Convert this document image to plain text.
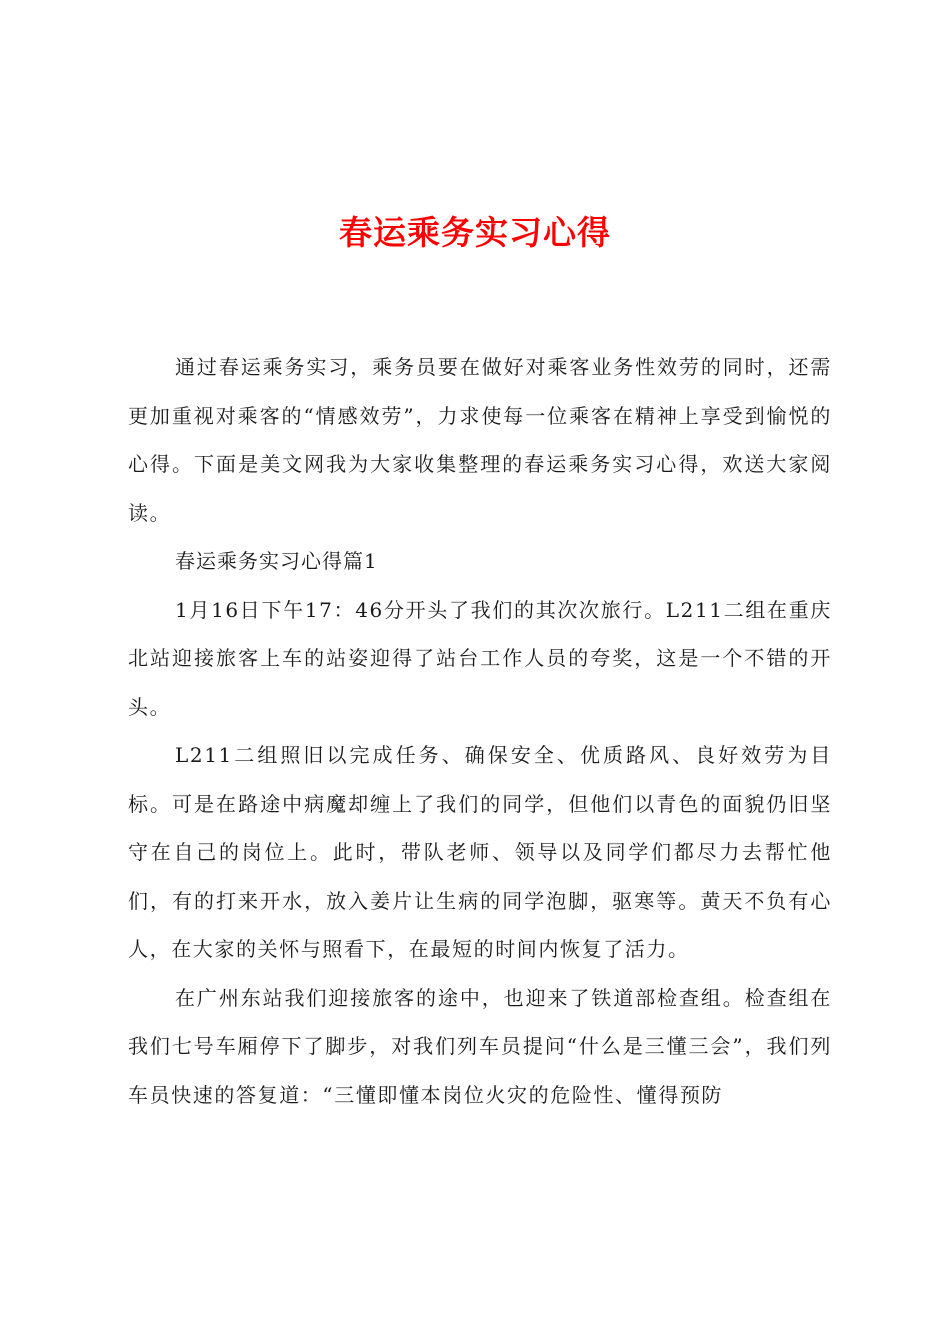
春运乘务实习心得

通过春运乘务实习，乘务员要在做好对乘客业务性效劳的同时，还需更加重视对乘客的“情感效劳”，力求使每一位乘客在精神上享受到愉悦的心得。下面是美文网我为大家收集整理的春运乘务实习心得，欢送大家阅读。

春运乘务实习心得篇1

1月16日下午17：46分开头了我们的其次次旅行。L211二组在重庆北站迎接旅客上车的站姿迎得了站台工作人员的夸奖，这是一个不错的开头。

L211二组照旧以完成任务、确保安全、优质路风、良好效劳为目标。可是在路途中病魔却缠上了我们的同学，但他们以青色的面貌仍旧坚守在自己的岗位上。此时，带队老师、领导以及同学们都尽力去帮忙他们，有的打来开水，放入姜片让生病的同学泡脚，驱寒等。黄天不负有心人，在大家的关怀与照看下，在最短的时间内恢复了活力。

在广州东站我们迎接旅客的途中，也迎来了铁道部检查组。检查组在我们七号车厢停下了脚步，对我们列车员提问“什么是三懂三会”，我们列车员快速的答复道：“三懂即懂本岗位火灾的危险性、懂得预防
